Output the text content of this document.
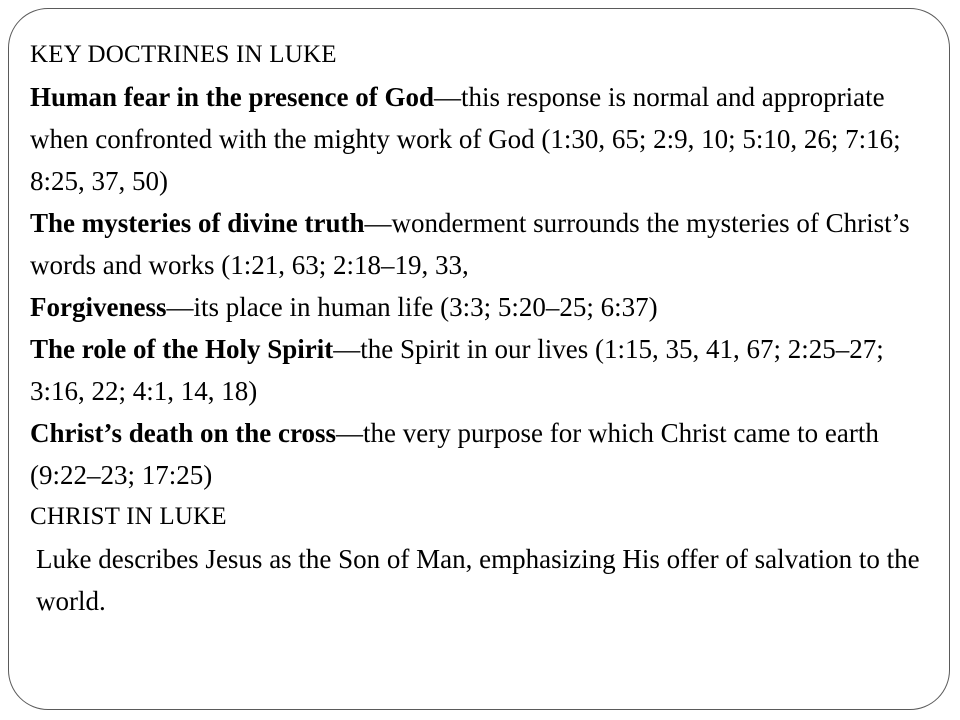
KEY DOCTRINES IN LUKE

Human fear in the presence of God—this response is normal and appropriate when confronted with the mighty work of God (1:30, 65; 2:9, 10; 5:10, 26; 7:16; 8:25, 37, 50)

The mysteries of divine truth—wonderment surrounds the mysteries of Christ’s words and works (1:21, 63; 2:18–19, 33,

Forgiveness—its place in human life (3:3; 5:20–25; 6:37)

The role of the Holy Spirit—the Spirit in our lives (1:15, 35, 41, 67; 2:25–27; 3:16, 22; 4:1, 14, 18)

Christ’s death on the cross—the very purpose for which Christ came to earth (9:22–23; 17:25)

CHRIST IN LUKE

Luke describes Jesus as the Son of Man, emphasizing His offer of salvation to the world.
